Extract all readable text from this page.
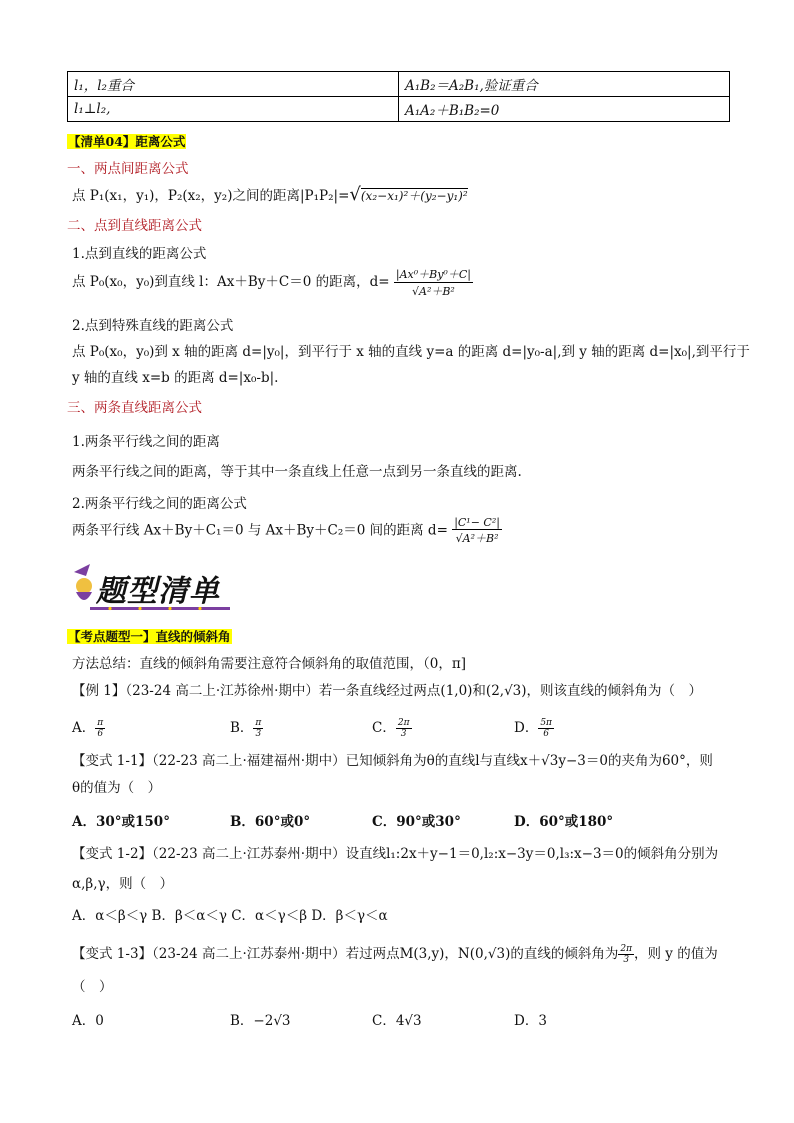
l₁，l₂重合	A₁B₂＝A₂B₁,验证重合
l₁⊥l₂,	A₁A₂＋B₁B₂=0
【清单04】距离公式
一、两点间距离公式
点 P₁(x₁，y₁)，P₂(x₂，y₂)之间的距离|P₁P₂|=√(x₂−x₁)²＋(y₂−y₁)²
二、点到直线距离公式
1.点到直线的距离公式
点 P₀(x₀，y₀)到直线 l：Ax＋By＋C＝0 的距离，$d= \frac{\text{|Ax⁰＋By⁰＋C|}}{\text{√A²＋B²}}$
2.点到特殊直线的距离公式
点 P₀(x₀，y₀)到 x 轴的距离 d=|y₀|，到平行于 x 轴的直线 y=a 的距离 d=|y₀-a|,到 y 轴的距离 d=|x₀|,到平行于
y 轴的直线 x=b 的距离 d=|x₀-b|.
三、两条直线距离公式
1.两条平行线之间的距离
两条平行线之间的距离，等于其中一条直线上任意一点到另一条直线的距离.
2.两条平行线之间的距离公式
两条平行线 Ax＋By＋C₁＝0 与 Ax＋By＋C₂＝0 间的距离 $d= \frac{\text{|C¹− C²|}}{\text{√A²＋B²}}$
题型清单
【考点题型一】直线的倾斜角
方法总结：直线的倾斜角需要注意符合倾斜角的取值范围，（0，π]
【例 1】（23-24 高二上·江苏徐州·期中）若一条直线经过两点(1,0)和(2,√3)，则该直线的倾斜角为（　）
A． $\frac{\pi}{6}$	B． $\frac{\pi}{3}$	C． $\frac{2\pi}{3}$	D． $\frac{5\pi}{6}$
【变式 1-1】（22-23 高二上·福建福州·期中）已知倾斜角为θ的直线l与直线x＋√3y−3＝0的夹角为60°，则
θ的值为（　）
A．30°或150°	B．60°或0°	C．90°或30°	D．60°或180°
【变式 1-2】（22-23 高二上·江苏泰州·期中）设直线l₁:2x＋y−1＝0,l₂:x−3y＝0,l₃:x−3＝0的倾斜角分别为
α,β,γ，则（　）
A．α＜β＜γ B．β＜α＜γ C．α＜γ＜β D．β＜γ＜α
【变式 1-3】（23-24 高二上·江苏泰州·期中）若过两点M(3,y)，N(0,√3)的直线的倾斜角为 $\frac{2\pi}{3}$ ，则 y 的值为
（　）
A．0	B．−2√3	C．4√3	D．3
